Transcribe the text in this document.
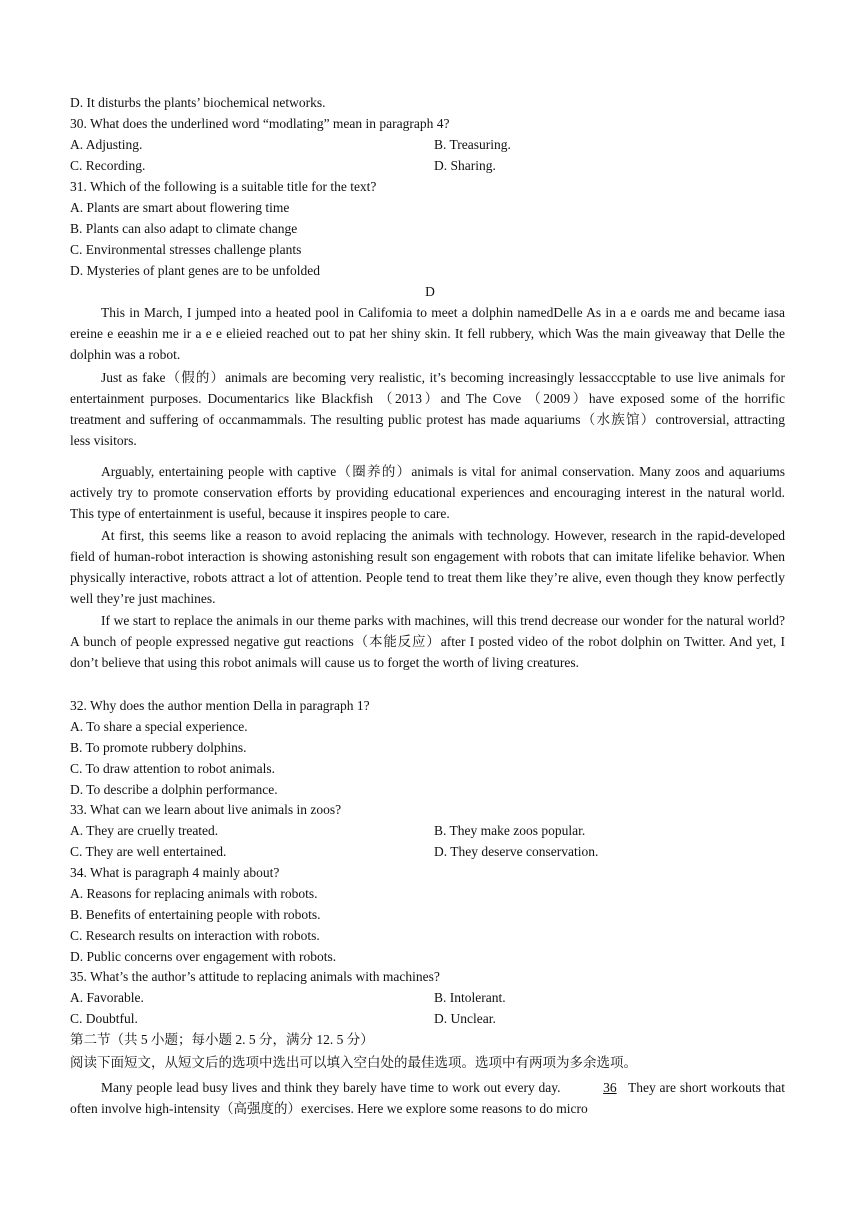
D. It disturbs the plants’ biochemical networks.
30. What does the underlined word “modlating” mean in paragraph 4?
A. Adjusting.	B. Treasuring.
C. Recording.	D. Sharing.
31. Which of the following is a suitable title for the text?
A. Plants are smart about flowering time
B. Plants can also adapt to climate change
C. Environmental stresses challenge plants
D. Mysteries of plant genes are to be unfolded
D
This in March, I jumped into a heated pool in Califomia to meet a dolphin namedDelle As in a e oards me and became iasa ereine e eeashin me ir a e e elieied reached out to pat her shiny skin. It fell rubbery, which Was the main giveaway that Delle the dolphin was a robot.
Just as fake（假的）animals are becoming very realistic, it’s becoming increasingly lessacccptable to use live animals for entertainment purposes. Documentarics like Blackfish （2013）and The Cove （2009）have exposed some of the horrific treatment and suffering of occanmammals. The resulting public protest has made aquariums（水族馆）controversial, attracting less visitors.
Arguably, entertaining people with captive（圈养的）animals is vital for animal conservation. Many zoos and aquariums actively try to promote conservation efforts by providing educational experiences and encouraging interest in the natural world. This type of entertainment is useful, because it inspires people to care.
At first, this seems like a reason to avoid replacing the animals with technology. However, research in the rapid-developed field of human-robot interaction is showing astonishing result son engagement with robots that can imitate lifelike behavior. When physically interactive, robots attract a lot of attention. People tend to treat them like they’re alive, even though they know perfectly well they’re just machines.
If we start to replace the animals in our theme parks with machines, will this trend decrease our wonder for the natural world? A bunch of people expressed negative gut reactions（本能反应）after I posted video of the robot dolphin on Twitter. And yet, I don’t believe that using this robot animals will cause us to forget the worth of living creatures.
32. Why does the author mention Della in paragraph 1?
A. To share a special experience.
B. To promote rubbery dolphins.
C. To draw attention to robot animals.
D. To describe a dolphin performance.
33. What can we learn about live animals in zoos?
A. They are cruelly treated.	B. They make zoos popular.
C. They are well entertained.	D. They deserve conservation.
34. What is paragraph 4 mainly about?
A. Reasons for replacing animals with robots.
B. Benefits of entertaining people with robots.
C. Research results on interaction with robots.
D. Public concerns over engagement with robots.
35. What’s the author’s attitude to replacing animals with machines?
A. Favorable.	B. Intolerant.
C. Doubtful.	D. Unclear.
第二节（共 5 小题；每小题 2. 5 分，满分 12. 5 分）
阅读下面短文，从短文后的选项中选出可以填入空白处的最佳选项。选项中有两项为多余选项。
Many people lead busy lives and think they barely have time to work out every day.	36 They are short workouts that often involve high-intensity（高强度的）exercises. Here we explore some reasons to do micro
